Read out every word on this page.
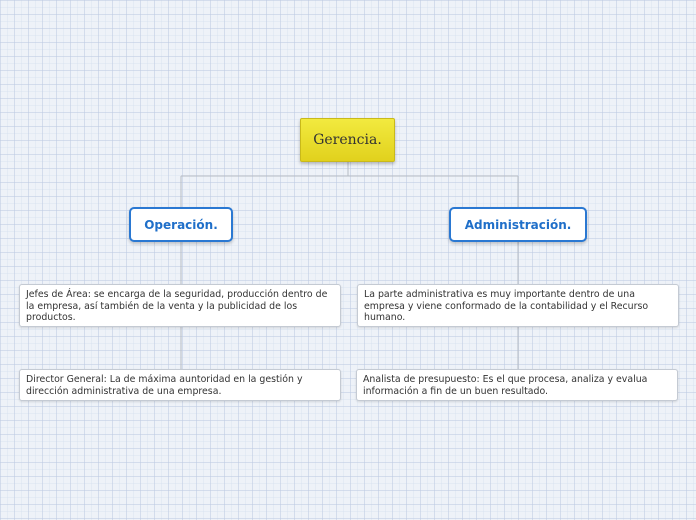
Gerencia.
Operación.	Administración.
Jefes de Área: se encarga de la seguridad, producción dentro de la empresa, así también de la venta y la publicidad de los productos.
Director General: La de máxima auntoridad en la gestión y dirección administrativa de una empresa.
La parte administrativa es muy importante dentro de una empresa y viene conformado de la contabilidad y el Recurso humano.
Analista de presupuesto: Es el que procesa, analiza y evalua información a fin de un buen resultado.
